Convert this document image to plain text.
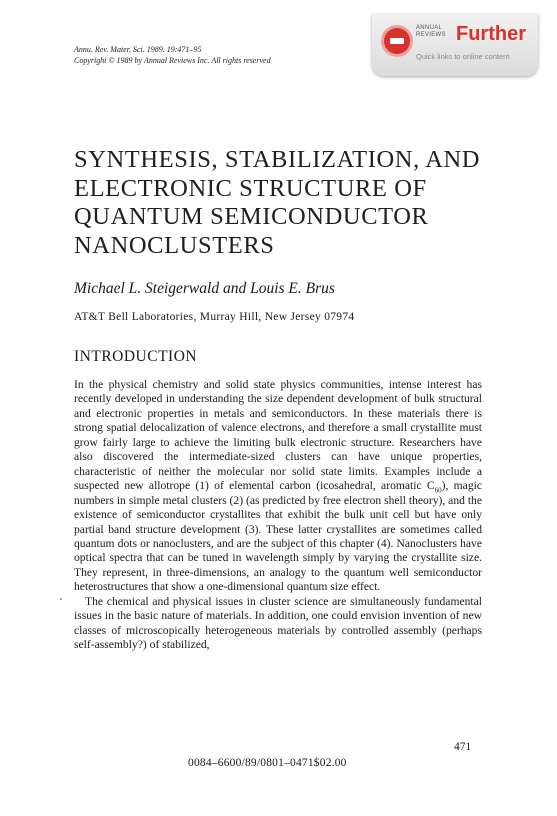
Annu. Rev. Mater. Sci. 1989. 19:471–95
Copyright © 1989 by Annual Reviews Inc. All rights reserved
ANNUAL REVIEWS Further
Quick links to online content
SYNTHESIS, STABILIZATION, AND ELECTRONIC STRUCTURE OF QUANTUM SEMICONDUCTOR NANOCLUSTERS
Michael L. Steigerwald and Louis E. Brus
AT&T Bell Laboratories, Murray Hill, New Jersey 07974
INTRODUCTION

In the physical chemistry and solid state physics communities, intense interest has recently developed in understanding the size dependent development of bulk structural and electronic properties in metals and semiconductors. In these materials there is strong spatial delocalization of valence electrons, and therefore a small crystallite must grow fairly large to achieve the limiting bulk electronic structure. Researchers have also discovered the intermediate-sized clusters can have unique properties, characteristic of neither the molecular nor solid state limits. Examples include a suspected new allotrope (1) of elemental carbon (icosahedral, aromatic $C_{60}$), magic numbers in simple metal clusters (2) (as predicted by free electron shell theory), and the existence of semiconductor crystallites that exhibit the bulk unit cell but have only partial band structure development (3). These latter crystallites are sometimes called quantum dots or nanoclusters, and are the subject of this chapter (4). Nanoclusters have optical spectra that can be tuned in wavelength simply by varying the crystallite size. They represent, in three-dimensions, an analogy to the quantum well semiconductor heterostructures that show a one-dimensional quantum size effect.

The chemical and physical issues in cluster science are simultaneously fundamental issues in the basic nature of materials. In addition, one could envision invention of new classes of microscopically heterogeneous materials by controlled assembly (perhaps self-assembly?) of stabilized,

471
0084–6600/89/0801–0471$02.00
